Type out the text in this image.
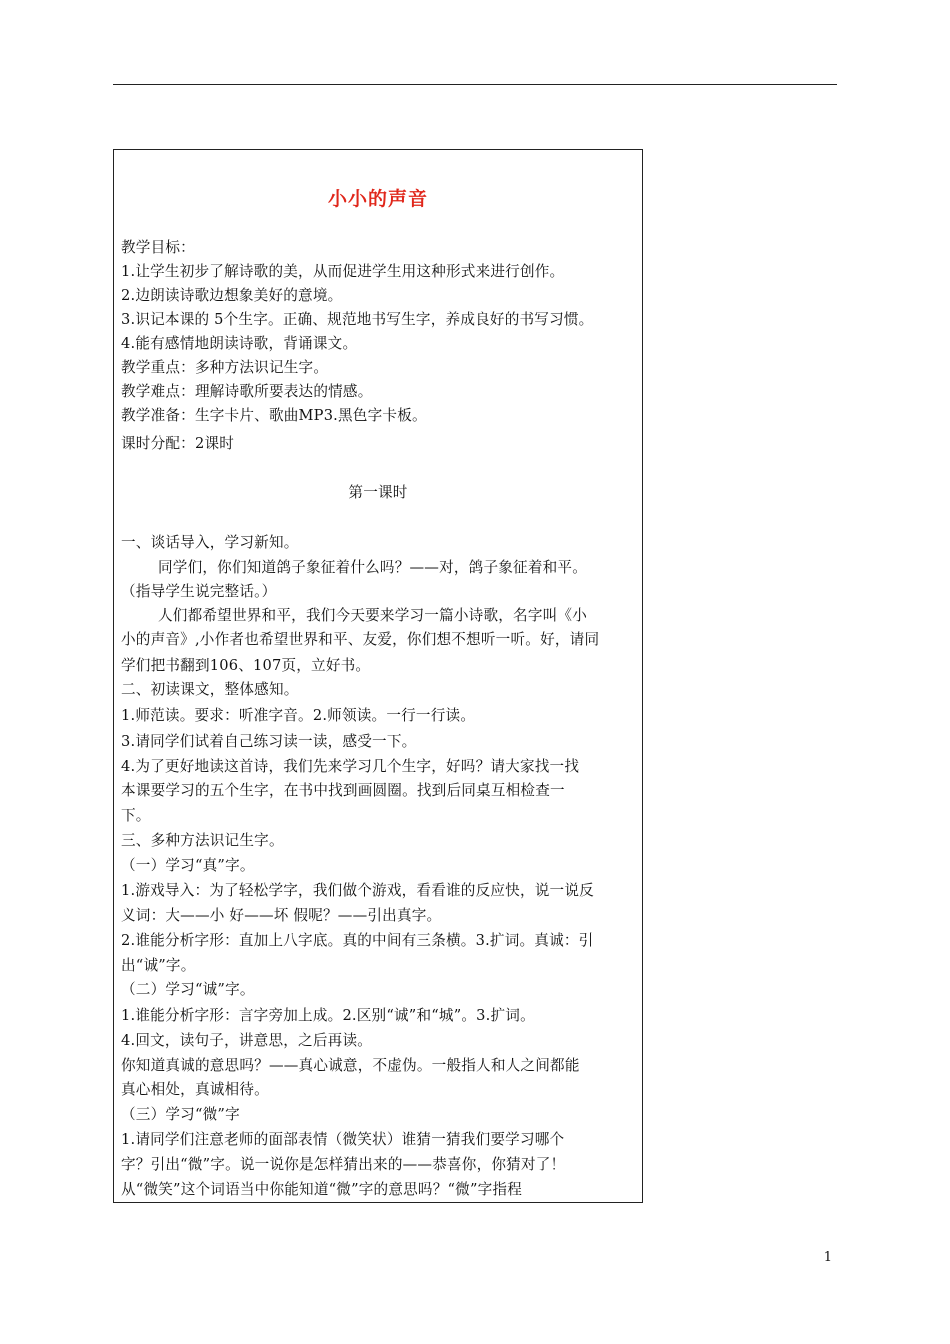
小小的声音
教学目标：
1.让学生初步了解诗歌的美，从而促进学生用这种形式来进行创作。
2.边朗读诗歌边想象美好的意境。
3.识记本课的 5个生字。正确、规范地书写生字，养成良好的书写习惯。
4.能有感情地朗读诗歌，背诵课文。
教学重点：多种方法识记生字。
教学难点：理解诗歌所要表达的情感。
教学准备：生字卡片、歌曲MP3.黑色字卡板。
课时分配：2课时
第一课时
一、谈话导入，学习新知。
同学们，你们知道鸽子象征着什么吗？——对，鸽子象征着和平。
（指导学生说完整话。）
人们都希望世界和平，我们今天要来学习一篇小诗歌，名字叫《小
小的声音》,小作者也希望世界和平、友爱，你们想不想听一听。好，请同
学们把书翻到106、107页，立好书。
二、初读课文，整体感知。
1.师范读。要求：听准字音。2.师领读。一行一行读。
3.请同学们试着自己练习读一读，感受一下。
4.为了更好地读这首诗，我们先来学习几个生字，好吗？请大家找一找
本课要学习的五个生字，在书中找到画圆圈。找到后同桌互相检查一
下。
三、多种方法识记生字。
（一）学习“真”字。
1.游戏导入：为了轻松学字，我们做个游戏，看看谁的反应快，说一说反
义词：大——小 好——坏 假呢？——引出真字。
2.谁能分析字形：直加上八字底。真的中间有三条横。3.扩词。真诚：引
出“诚”字。
（二）学习“诚”字。
1.谁能分析字形：言字旁加上成。2.区别“诚”和“城”。3.扩词。
4.回文，读句子，讲意思，之后再读。
你知道真诚的意思吗？——真心诚意，不虚伪。一般指人和人之间都能
真心相处，真诚相待。
（三）学习“微”字
1.请同学们注意老师的面部表情（微笑状）谁猜一猜我们要学习哪个
字？引出“微”字。说一说你是怎样猜出来的——恭喜你，你猜对了！
从“微笑”这个词语当中你能知道“微”字的意思吗？“微”字指程
1
